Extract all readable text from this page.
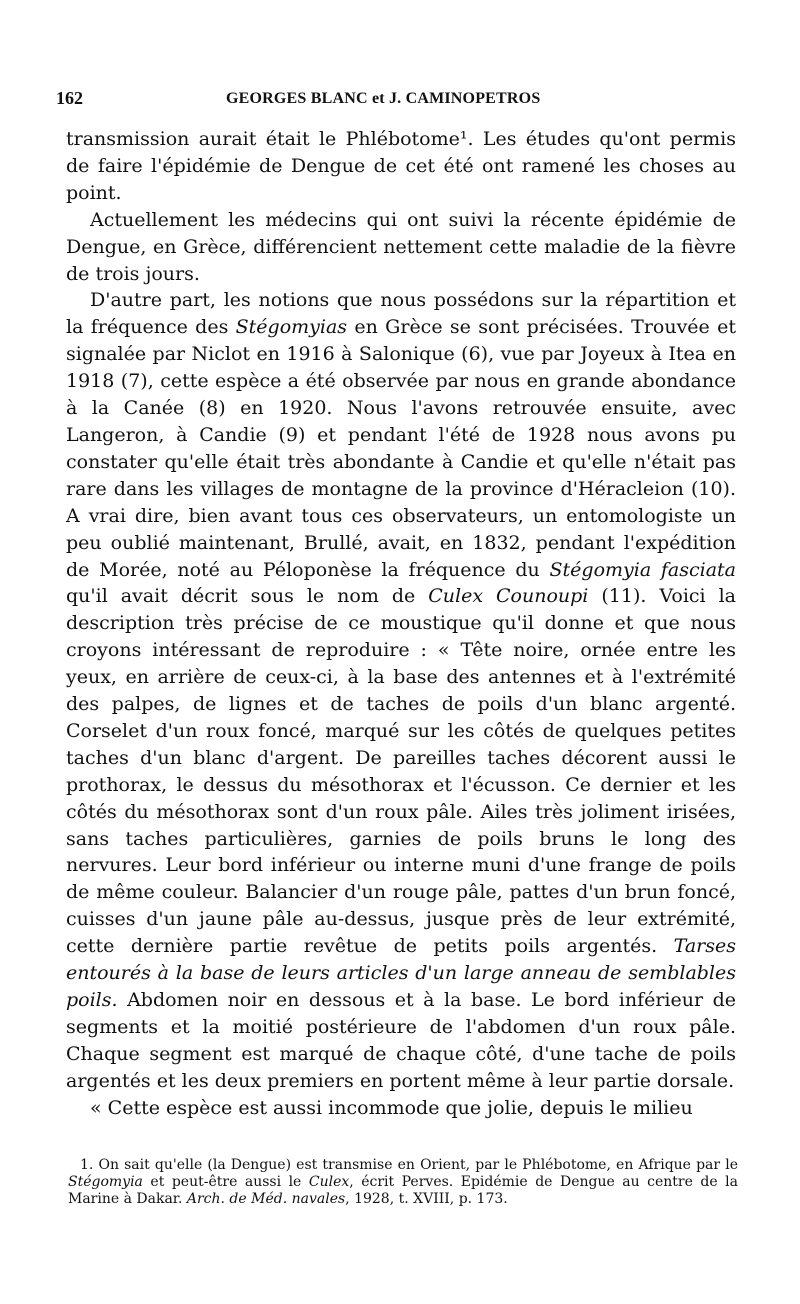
162	GEORGES BLANC et J. CAMINOPETROS

transmission aurait était le Phlébotome¹. Les études qu'ont permis de faire l'épidémie de Dengue de cet été ont ramené les choses au point.

Actuellement les médecins qui ont suivi la récente épidémie de Dengue, en Grèce, différencient nettement cette maladie de la fièvre de trois jours.

D'autre part, les notions que nous possédons sur la répartition et la fréquence des Stégomyias en Grèce se sont précisées. Trouvée et signalée par Niclot en 1916 à Salonique (6), vue par Joyeux à Itea en 1918 (7), cette espèce a été observée par nous en grande abondance à la Canée (8) en 1920. Nous l'avons retrouvée ensuite, avec Langeron, à Candie (9) et pendant l'été de 1928 nous avons pu constater qu'elle était très abondante à Candie et qu'elle n'était pas rare dans les villages de montagne de la province d'Héracleion (10). A vrai dire, bien avant tous ces observateurs, un entomologiste un peu oublié maintenant, Brullé, avait, en 1832, pendant l'expédition de Morée, noté au Péloponèse la fréquence du Stégomyia fasciata qu'il avait décrit sous le nom de Culex Counoupi (11). Voici la description très précise de ce moustique qu'il donne et que nous croyons intéressant de reproduire : « Tête noire, ornée entre les yeux, en arrière de ceux-ci, à la base des antennes et à l'extrémité des palpes, de lignes et de taches de poils d'un blanc argenté. Corselet d'un roux foncé, marqué sur les côtés de quelques petites taches d'un blanc d'argent. De pareilles taches décorent aussi le prothorax, le dessus du mésothorax et l'écusson. Ce dernier et les côtés du mésothorax sont d'un roux pâle. Ailes très joliment irisées, sans taches particulières, garnies de poils bruns le long des nervures. Leur bord inférieur ou interne muni d'une frange de poils de même couleur. Balancier d'un rouge pâle, pattes d'un brun foncé, cuisses d'un jaune pâle au-dessus, jusque près de leur extrémité, cette dernière partie revêtue de petits poils argentés. Tarses entourés à la base de leurs articles d'un large anneau de semblables poils. Abdomen noir en dessous et à la base. Le bord inférieur de segments et la moitié postérieure de l'abdomen d'un roux pâle. Chaque segment est marqué de chaque côté, d'une tache de poils argentés et les deux premiers en portent même à leur partie dorsale.

« Cette espèce est aussi incommode que jolie, depuis le milieu

1. On sait qu'elle (la Dengue) est transmise en Orient, par le Phlébotome, en Afrique par le Stégomyia et peut-être aussi le Culex, écrit Perves. Epidémie de Dengue au centre de la Marine à Dakar. Arch. de Méd. navales, 1928, t. XVIII, p. 173.
